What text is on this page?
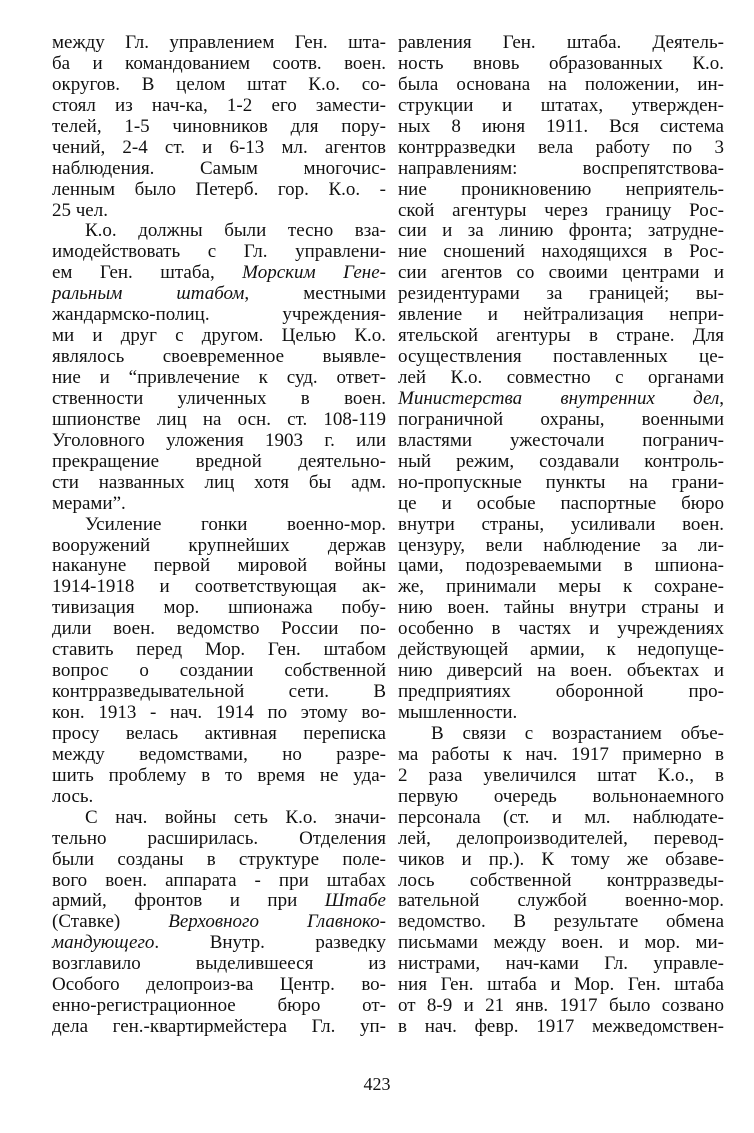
между Гл. управлением Ген. шта-
ба и командованием соотв. воен.
округов. В целом штат К.о. со-
стоял из нач-ка, 1-2 его замести-
телей, 1-5 чиновников для пору-
чений, 2-4 ст. и 6-13 мл. агентов
наблюдения. Самым многочис-
ленным было Петерб. гор. К.о. -
25 чел.
К.о. должны были тесно вза-
имодействовать с Гл. управлени-
ем Ген. штаба, Морским Гене-
ральным штабом, местными
жандармско-полиц. учреждения-
ми и друг с другом. Целью К.о.
являлось своевременное выявле-
ние и “привлечение к суд. ответ-
ственности уличенных в воен.
шпионстве лиц на осн. ст. 108-119
Уголовного уложения 1903 г. или
прекращение вредной деятельно-
сти названных лиц хотя бы адм.
мерами”.
Усиление гонки военно-мор.
вооружений крупнейших держав
накануне первой мировой войны
1914-1918 и соответствующая ак-
тивизация мор. шпионажа побу-
дили воен. ведомство России по-
ставить перед Мор. Ген. штабом
вопрос о создании собственной
контрразведывательной сети. В
кон. 1913 - нач. 1914 по этому во-
просу велась активная переписка
между ведомствами, но разре-
шить проблему в то время не уда-
лось.
С нач. войны сеть К.о. значи-
тельно расширилась. Отделения
были созданы в структуре поле-
вого воен. аппарата - при штабах
армий, фронтов и при Штабе
(Ставке) Верховного Главноко-
мандующего. Внутр. разведку
возглавило выделившееся из
Особого делопроиз-ва Центр. во-
енно-регистрационное бюро от-
дела ген.-квартирмейстера Гл. уп-
равления Ген. штаба. Деятель-
ность вновь образованных К.о.
была основана на положении, ин-
струкции и штатах, утвержден-
ных 8 июня 1911. Вся система
контрразведки вела работу по 3
направлениям: воспрепятствова-
ние проникновению неприятель-
ской агентуры через границу Рос-
сии и за линию фронта; затрудне-
ние сношений находящихся в Рос-
сии агентов со своими центрами и
резидентурами за границей; вы-
явление и нейтрализация непри-
ятельской агентуры в стране. Для
осуществления поставленных це-
лей К.о. совместно с органами
Министерства внутренних дел,
пограничной охраны, военными
властями ужесточали погранич-
ный режим, создавали контроль-
но-пропускные пункты на грани-
це и особые паспортные бюро
внутри страны, усиливали воен.
цензуру, вели наблюдение за ли-
цами, подозреваемыми в шпиона-
же, принимали меры к сохране-
нию воен. тайны внутри страны и
особенно в частях и учреждениях
действующей армии, к недопуще-
нию диверсий на воен. объектах и
предприятиях оборонной про-
мышленности.
В связи с возрастанием объе-
ма работы к нач. 1917 примерно в
2 раза увеличился штат К.о., в
первую очередь вольнонаемного
персонала (ст. и мл. наблюдате-
лей, делопроизводителей, перевод-
чиков и пр.). К тому же обзаве-
лось собственной контрразведы-
вательной службой военно-мор.
ведомство. В результате обмена
письмами между воен. и мор. ми-
нистрами, нач-ками Гл. управле-
ния Ген. штаба и Мор. Ген. штаба
от 8-9 и 21 янв. 1917 было созвано
в нач. февр. 1917 межведомствен-
423
